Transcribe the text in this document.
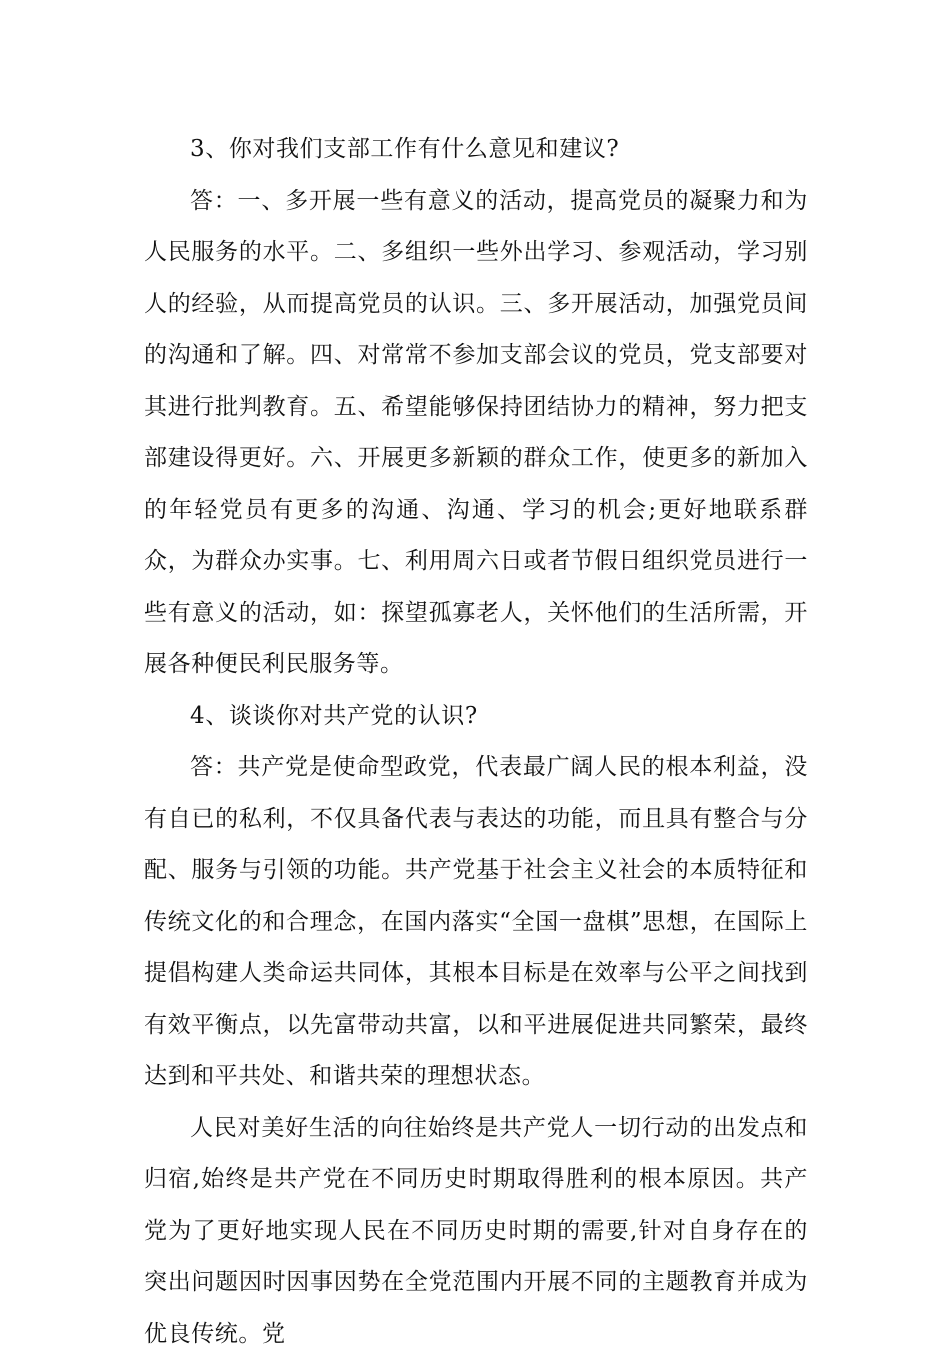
3、你对我们支部工作有什么意见和建议?

答：一、多开展一些有意义的活动，提高党员的凝聚力和为人民服务的水平。二、多组织一些外出学习、参观活动，学习别人的经验，从而提高党员的认识。三、多开展活动，加强党员间的沟通和了解。四、对常常不参加支部会议的党员，党支部要对其进行批判教育。五、希望能够保持团结协力的精神，努力把支部建设得更好。六、开展更多新颖的群众工作，使更多的新加入的年轻党员有更多的沟通、沟通、学习的机会;更好地联系群众，为群众办实事。七、利用周六日或者节假日组织党员进行一些有意义的活动，如：探望孤寡老人，关怀他们的生活所需，开展各种便民利民服务等。

4、谈谈你对共产党的认识?

答：共产党是使命型政党，代表最广阔人民的根本利益，没有自已的私利，不仅具备代表与表达的功能，而且具有整合与分配、服务与引领的功能。共产党基于社会主义社会的本质特征和传统文化的和合理念，在国内落实“全国一盘棋”思想，在国际上提倡构建人类命运共同体，其根本目标是在效率与公平之间找到有效平衡点，以先富带动共富，以和平进展促进共同繁荣，最终达到和平共处、和谐共荣的理想状态。

人民对美好生活的向往始终是共产党人一切行动的出发点和归宿,始终是共产党在不同历史时期取得胜利的根本原因。共产党为了更好地实现人民在不同历史时期的需要,针对自身存在的突出问题因时因事因势在全党范围内开展不同的主题教育并成为优良传统。党
